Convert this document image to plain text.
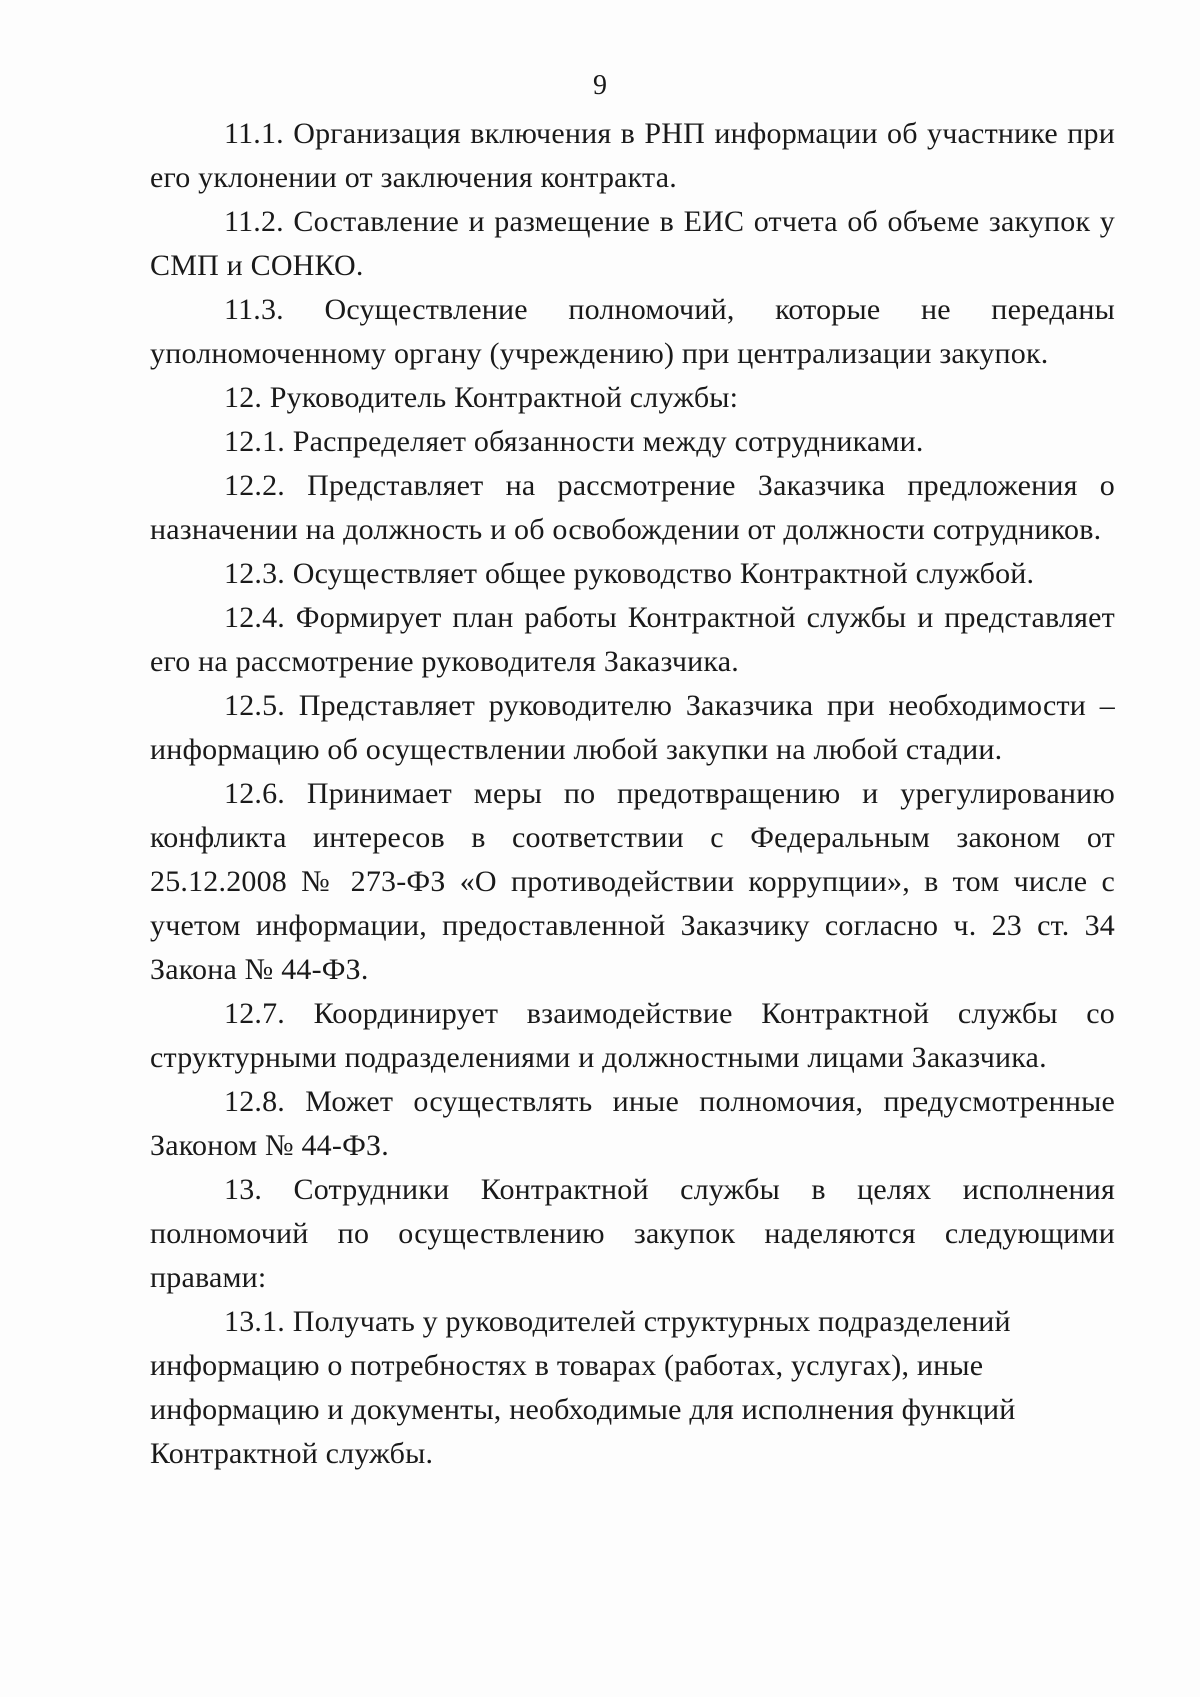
9

11.1. Организация включения в РНП информации об участнике при его уклонении от заключения контракта.

11.2. Составление и размещение в ЕИС отчета об объеме закупок у СМП и СОНКО.

11.3. Осуществление полномочий, которые не переданы уполномоченному органу (учреждению) при централизации закупок.

12. Руководитель Контрактной службы:

12.1. Распределяет обязанности между сотрудниками.

12.2. Представляет на рассмотрение Заказчика предложения о назначении на должность и об освобождении от должности сотрудников.

12.3. Осуществляет общее руководство Контрактной службой.

12.4. Формирует план работы Контрактной службы и представляет его на рассмотрение руководителя Заказчика.

12.5. Представляет руководителю Заказчика при необходимости – информацию об осуществлении любой закупки на любой стадии.

12.6. Принимает меры по предотвращению и урегулированию конфликта интересов в соответствии с Федеральным законом от 25.12.2008 № 273-ФЗ «О противодействии коррупции», в том числе с учетом информации, предоставленной Заказчику согласно ч. 23 ст. 34 Закона № 44-ФЗ.

12.7. Координирует взаимодействие Контрактной службы со структурными подразделениями и должностными лицами Заказчика.

12.8. Может осуществлять иные полномочия, предусмотренные Законом № 44-ФЗ.

13. Сотрудники Контрактной службы в целях исполнения полномочий по осуществлению закупок наделяются следующими правами:

13.1. Получать у руководителей структурных подразделений информацию о потребностях в товарах (работах, услугах), иные информацию и документы, необходимые для исполнения функций Контрактной службы.
